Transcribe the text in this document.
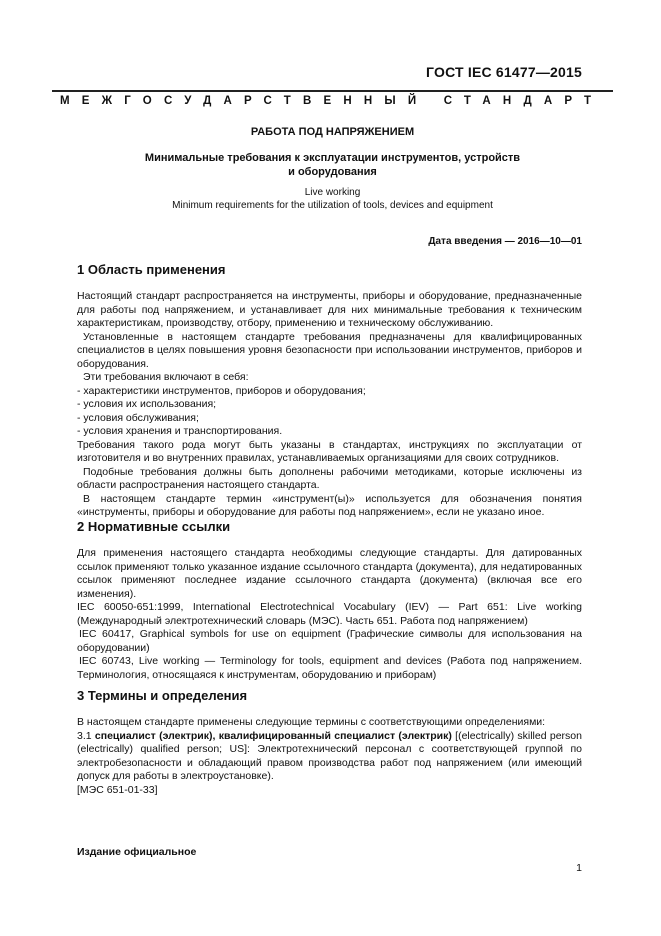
ГОСТ IEC 61477—2015
МЕЖГОСУДАРСТВЕННЫЙ СТАНДАРТ
РАБОТА ПОД НАПРЯЖЕНИЕМ
Минимальные требования к эксплуатации инструментов, устройств
и оборудования
Live working
Minimum requirements for the utilization of tools, devices and equipment
Дата введения — 2016—10—01
1 Область применения

Настоящий стандарт распространяется на инструменты, приборы и оборудование, предназначенные для работы под напряжением, и устанавливает для них минимальные требования к техническим характеристикам, производству, отбору, применению и техническому обслуживанию.

Установленные в настоящем стандарте требования предназначены для квалифицированных специалистов в целях повышения уровня безопасности при использовании инструментов, приборов и оборудования.

Эти требования включают в себя:

- характеристики инструментов, приборов и оборудования;

- условия их использования;

- условия обслуживания;

- условия хранения и транспортирования.

Требования такого рода могут быть указаны в стандартах, инструкциях по эксплуатации от изготовителя и во внутренних правилах, устанавливаемых организациями для своих сотрудников.

Подобные требования должны быть дополнены рабочими методиками, которые исключены из области распространения настоящего стандарта.

В настоящем стандарте термин «инструмент(ы)» используется для обозначения понятия «инструменты, приборы и оборудование для работы под напряжением», если не указано иное.

2 Нормативные ссылки

Для применения настоящего стандарта необходимы следующие стандарты. Для датированных ссылок применяют только указанное издание ссылочного стандарта (документа), для недатированных ссылок применяют последнее издание ссылочного стандарта (документа) (включая все его изменения).

IEC 60050-651:1999, International Electrotechnical Vocabulary (IEV) — Part 651: Live working (Международный электротехнический словарь (МЭС). Часть 651. Работа под напряжением)

IEC 60417, Graphical symbols for use on equipment (Графические символы для использования на оборудовании)

IEC 60743, Live working — Terminology for tools, equipment and devices (Работа под напряжением. Терминология, относящаяся к инструментам, оборудованию и приборам)

3 Термины и определения

В настоящем стандарте применены следующие термины с соответствующими определениями:

3.1 специалист (электрик), квалифицированный специалист (электрик) [(electrically) skilled person (electrically) qualified person; US]: Электротехнический персонал с соответствующей группой по электробезопасности и обладающий правом производства работ под напряжением (или имеющий допуск для работы в электроустановке).

[МЭС 651-01-33]

Издание официальное
1
